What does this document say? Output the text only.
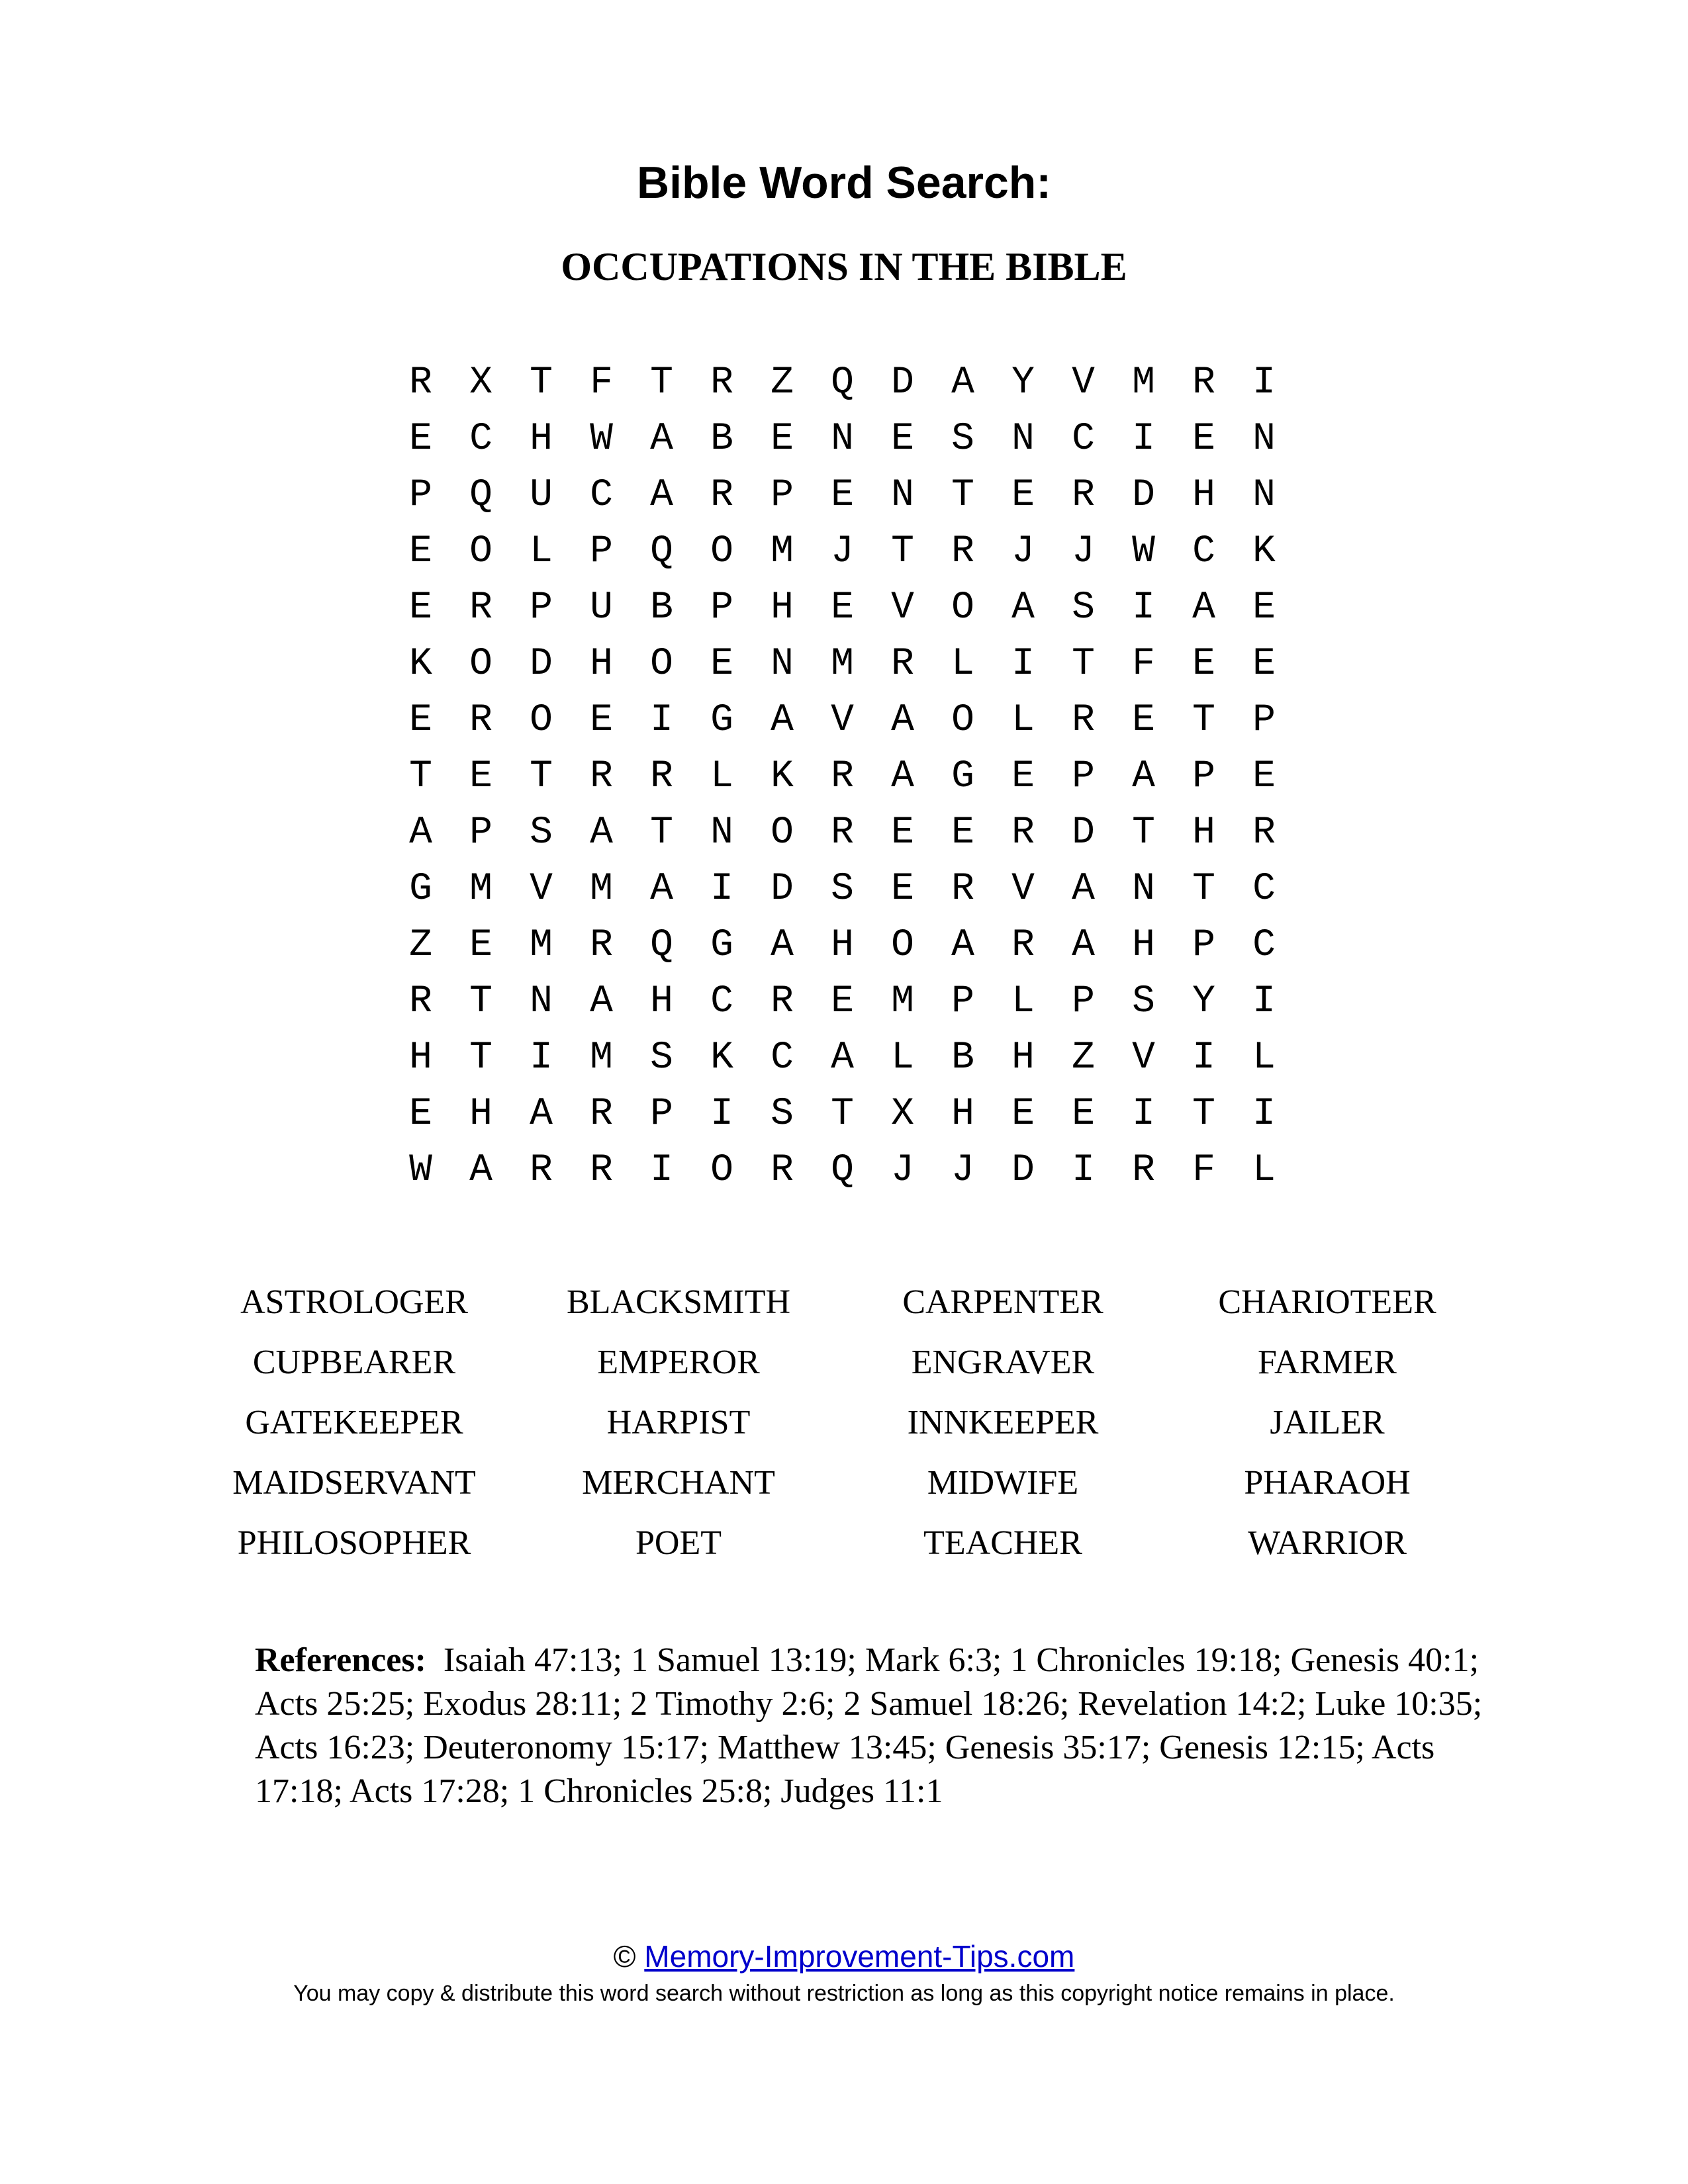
Bible Word Search:
OCCUPATIONS IN THE BIBLE
R X T F T R Z Q D A Y V M R I
E C H W A B E N E S N C I E N
P Q U C A R P E N T E R D H N
E O L P Q O M J T R J J W C K
E R P U B P H E V O A S I A E
K O D H O E N M R L I T F E E
E R O E I G A V A O L R E T P
T E T R R L K R A G E P A P E
A P S A T N O R E E R D T H R
G M V M A I D S E R V A N T C
Z E M R Q G A H O A R A H P C
R T N A H C R E M P L P S Y I
H T I M S K C A L B H Z V I L
E H A R P I S T X H E E I T I
W A R R I O R Q J J D I R F L
ASTROLOGER	BLACKSMITH	CARPENTER	CHARIOTEER
CUPBEARER	EMPEROR	ENGRAVER	FARMER
GATEKEEPER	HARPIST	INNKEEPER	JAILER
MAIDSERVANT	MERCHANT	MIDWIFE	PHARAOH
PHILOSOPHER	POET	TEACHER	WARRIOR
References: Isaiah 47:13; 1 Samuel 13:19; Mark 6:3; 1 Chronicles 19:18; Genesis 40:1; Acts 25:25; Exodus 28:11; 2 Timothy 2:6; 2 Samuel 18:26; Revelation 14:2; Luke 10:35; Acts 16:23; Deuteronomy 15:17; Matthew 13:45; Genesis 35:17; Genesis 12:15; Acts 17:18; Acts 17:28; 1 Chronicles 25:8; Judges 11:1
© Memory-Improvement-Tips.com
You may copy & distribute this word search without restriction as long as this copyright notice remains in place.
